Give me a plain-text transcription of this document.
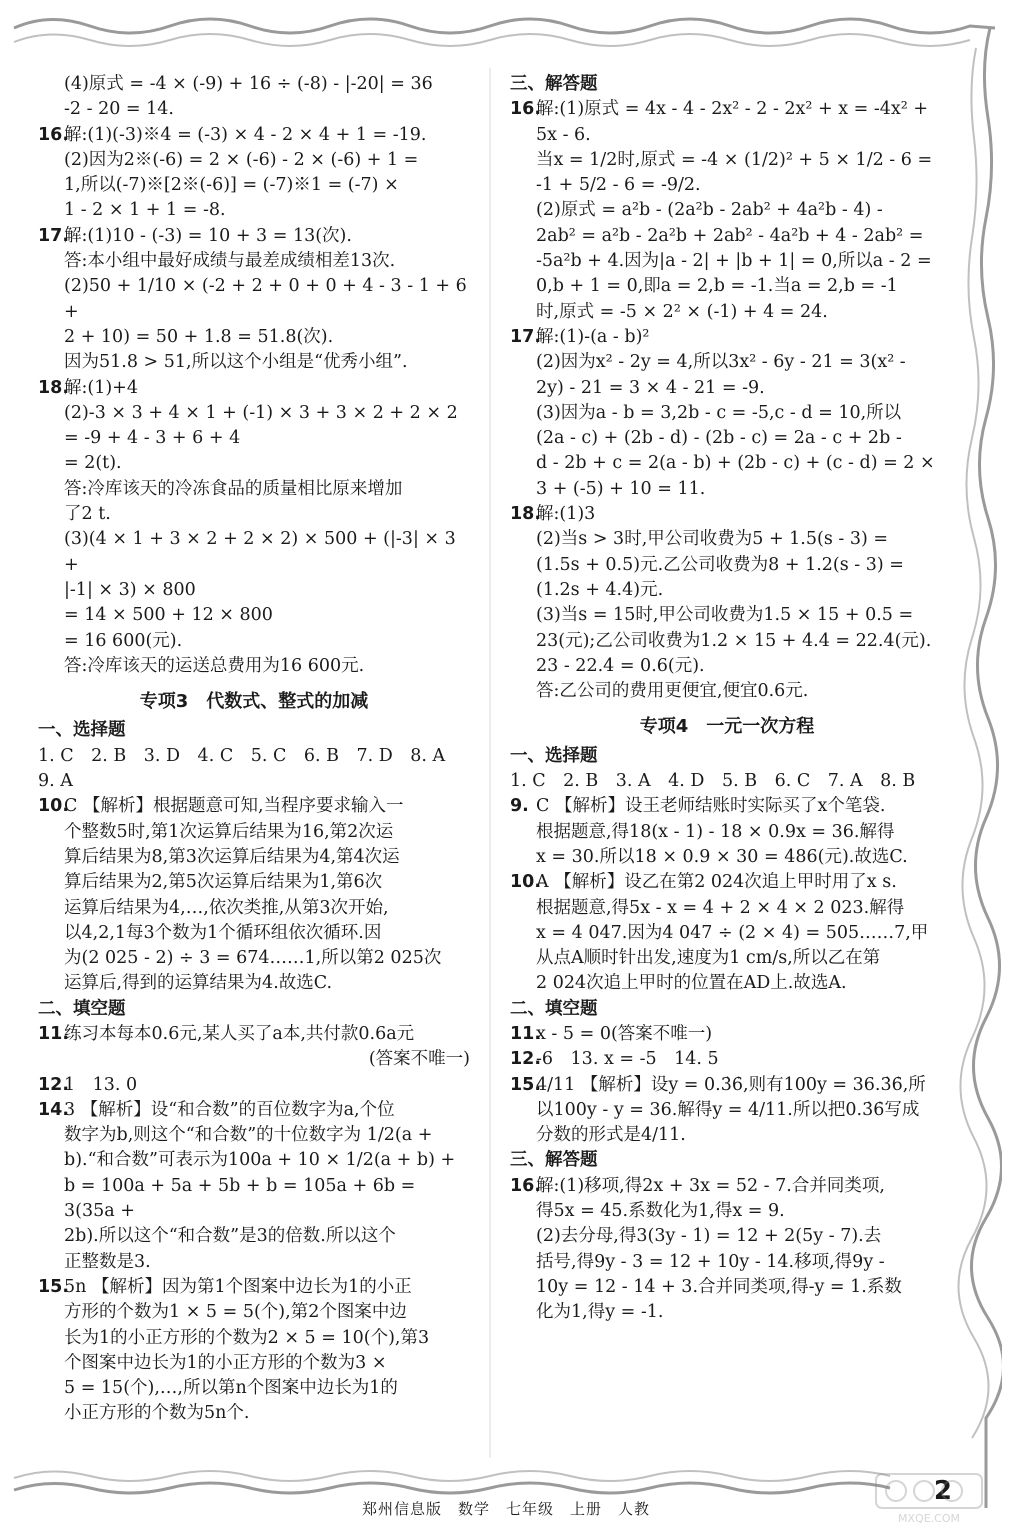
(4)原式 = -4 × (-9) + 16 ÷ (-8) - |-20| = 36
-2 - 20 = 14.
16.
解:(1)(-3)※4 = (-3) × 4 - 2 × 4 + 1 = -19.
(2)因为2※(-6) = 2 × (-6) - 2 × (-6) + 1 =
1,所以(-7)※[2※(-6)] = (-7)※1 = (-7) ×
1 - 2 × 1 + 1 = -8.
17.
解:(1)10 - (-3) = 10 + 3 = 13(次).
答:本小组中最好成绩与最差成绩相差13次.
(2)50 + 1/10 × (-2 + 2 + 0 + 0 + 4 - 3 - 1 + 6 +
2 + 10) = 50 + 1.8 = 51.8(次).
因为51.8 > 51,所以这个小组是“优秀小组”.
18.
解:(1)+4
(2)-3 × 3 + 4 × 1 + (-1) × 3 + 3 × 2 + 2 × 2
= -9 + 4 - 3 + 6 + 4
= 2(t).
答:冷库该天的冷冻食品的质量相比原来增加
了2 t.
(3)(4 × 1 + 3 × 2 + 2 × 2) × 500 + (|-3| × 3 +
|-1| × 3) × 800
= 14 × 500 + 12 × 800
= 16 600(元).
答:冷库该天的运送总费用为16 600元.
专项3　代数式、整式的加减
一、选择题
1. C　2. B　3. D　4. C　5. C　6. B　7. D　8. A
9. A
10.
C 【解析】根据题意可知,当程序要求输入一
个整数5时,第1次运算后结果为16,第2次运
算后结果为8,第3次运算后结果为4,第4次运
算后结果为2,第5次运算后结果为1,第6次
运算后结果为4,…,依次类推,从第3次开始,
以4,2,1每3个数为1个循环组依次循环.因
为(2 025 - 2) ÷ 3 = 674……1,所以第2 025次
运算后,得到的运算结果为4.故选C.
二、填空题
11.
练习本每本0.6元,某人买了a本,共付款0.6a元
(答案不唯一)
12.
1　13. 0
14.
3 【解析】设“和合数”的百位数字为a,个位
数字为b,则这个“和合数”的十位数字为 1/2(a +
b).“和合数”可表示为100a + 10 × 1/2(a + b) +
b = 100a + 5a + 5b + b = 105a + 6b = 3(35a +
2b).所以这个“和合数”是3的倍数.所以这个
正整数是3.
15.
5n 【解析】因为第1个图案中边长为1的小正
方形的个数为1 × 5 = 5(个),第2个图案中边
长为1的小正方形的个数为2 × 5 = 10(个),第3
个图案中边长为1的小正方形的个数为3 ×
5 = 15(个),…,所以第n个图案中边长为1的
小正方形的个数为5n个.
三、解答题
16.
解:(1)原式 = 4x - 4 - 2x² - 2 - 2x² + x = -4x² +
5x - 6.
当x = 1/2时,原式 = -4 × (1/2)² + 5 × 1/2 - 6 =
-1 + 5/2 - 6 = -9/2.
(2)原式 = a²b - (2a²b - 2ab² + 4a²b - 4) -
2ab² = a²b - 2a²b + 2ab² - 4a²b + 4 - 2ab² =
-5a²b + 4.因为|a - 2| + |b + 1| = 0,所以a - 2 =
0,b + 1 = 0,即a = 2,b = -1.当a = 2,b = -1
时,原式 = -5 × 2² × (-1) + 4 = 24.
17.
解:(1)-(a - b)²
(2)因为x² - 2y = 4,所以3x² - 6y - 21 = 3(x² -
2y) - 21 = 3 × 4 - 21 = -9.
(3)因为a - b = 3,2b - c = -5,c - d = 10,所以
(2a - c) + (2b - d) - (2b - c) = 2a - c + 2b -
d - 2b + c = 2(a - b) + (2b - c) + (c - d) = 2 ×
3 + (-5) + 10 = 11.
18.
解:(1)3
(2)当s > 3时,甲公司收费为5 + 1.5(s - 3) =
(1.5s + 0.5)元.乙公司收费为8 + 1.2(s - 3) =
(1.2s + 4.4)元.
(3)当s = 15时,甲公司收费为1.5 × 15 + 0.5 =
23(元);乙公司收费为1.2 × 15 + 4.4 = 22.4(元).
23 - 22.4 = 0.6(元).
答:乙公司的费用更便宜,便宜0.6元.
专项4　一元一次方程
一、选择题
1. C　2. B　3. A　4. D　5. B　6. C　7. A　8. B
9. C 【解析】设王老师结账时实际买了x个笔袋.
根据题意,得18(x - 1) - 18 × 0.9x = 36.解得
x = 30.所以18 × 0.9 × 30 = 486(元).故选C.
10.
A 【解析】设乙在第2 024次追上甲时用了x s.
根据题意,得5x - x = 4 + 2 × 4 × 2 023.解得
x = 4 047.因为4 047 ÷ (2 × 4) = 505……7,甲
从点A顺时针出发,速度为1 cm/s,所以乙在第
2 024次追上甲时的位置在AD上.故选A.
二、填空题
11.
x - 5 = 0(答案不唯一)
12.
-6　13. x = -5　14. 5
15.
4/11 【解析】设y = 0.3̇6̇,则有100y = 36.3̇6̇,所
以100y - y = 36.解得y = 4/11.所以把0.3̇6̇写成
分数的形式是4/11.
三、解答题
16.
解:(1)移项,得2x + 3x = 52 - 7.合并同类项,
得5x = 45.系数化为1,得x = 9.
(2)去分母,得3(3y - 1) = 12 + 2(5y - 7).去
括号,得9y - 3 = 12 + 10y - 14.移项,得9y -
10y = 12 - 14 + 3.合并同类项,得-y = 1.系数
化为1,得y = -1.
郑州信息版　数学　七年级　上册　人教
2
MXQE.COM
